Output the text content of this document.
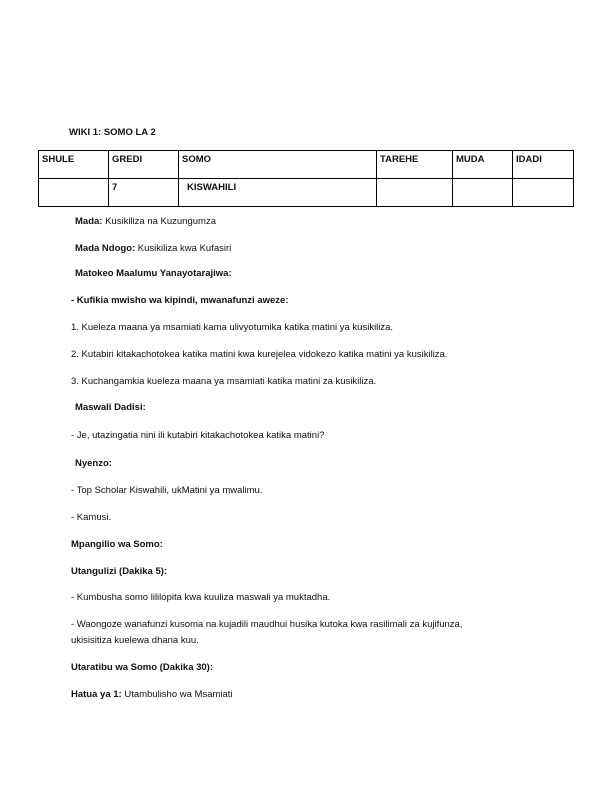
WIKI 1: SOMO LA 2
SHULE	GREDI	SOMO	TAREHE	MUDA	IDADI
	7	KISWAHILI			
Mada: Kusikiliza na Kuzungumza
Mada Ndogo: Kusikiliza kwa Kufasiri
Matokeo Maalumu Yanayotarajiwa:
- Kufikia mwisho wa kipindi, mwanafunzi aweze:
1. Kueleza maana ya msamiati kama ulivyotumika katika matini ya kusikiliza.
2. Kutabiri kitakachotokea katika matini kwa kurejelea vidokezo katika matini ya kusikiliza.
3. Kuchangamkia kueleza maana ya msamiati katika matini za kusikiliza.
Maswali Dadisi:
- Je, utazingatia nini ili kutabiri kitakachotokea katika matini?
Nyenzo:
- Top Scholar Kiswahili, ukMatini ya mwalimu.
- Kamusi.
Mpangilio wa Somo:
Utangulizi (Dakika 5):
- Kumbusha somo lililopita kwa kuuliza maswali ya muktadha.
- Waongoze wanafunzi kusoma na kujadili maudhui husika kutoka kwa rasilimali za kujifunza,
ukisisitiza kuelewa dhana kuu.
Utaratibu wa Somo (Dakika 30):
Hatua ya 1: Utambulisho wa Msamiati
